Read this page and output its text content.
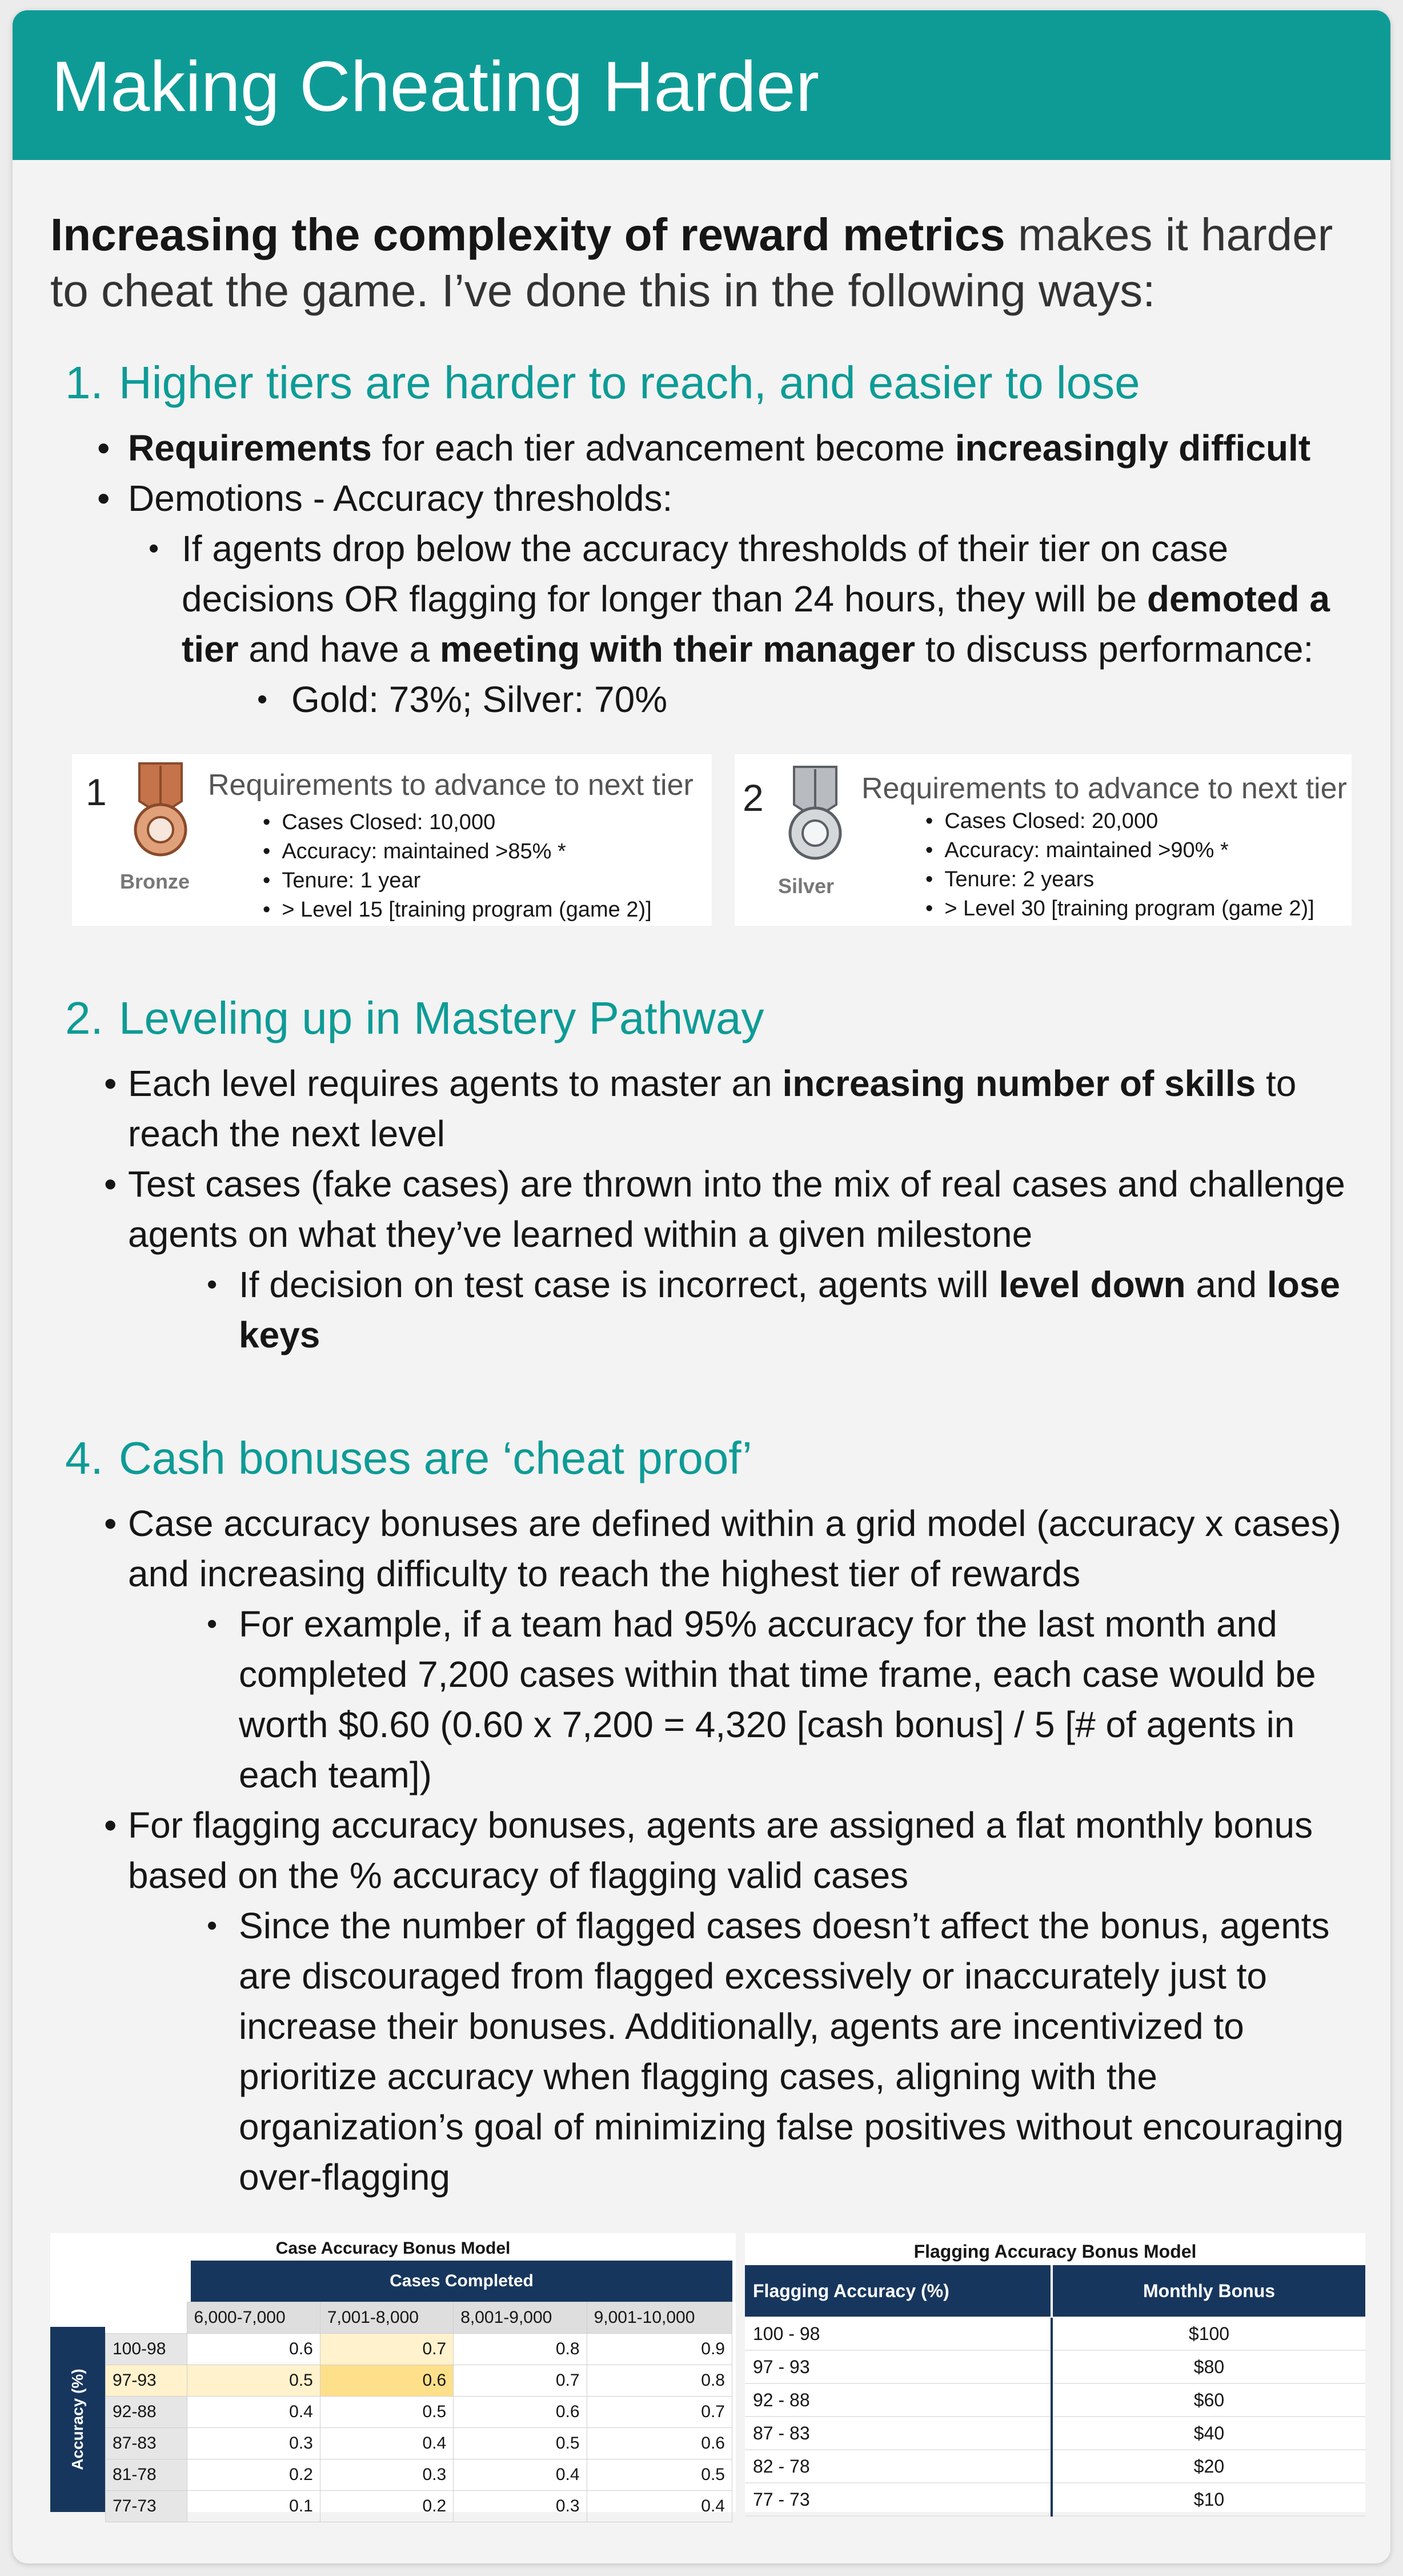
Making Cheating Harder
Increasing the complexity of reward metrics makes it harder to cheat the game. I’ve done this in the following ways:
1. Higher tiers are harder to reach, and easier to lose
• Requirements for each tier advancement become increasingly difficult
• Demotions - Accuracy thresholds:
• If agents drop below the accuracy thresholds of their tier on case
decisions OR flagging for longer than 24 hours, they will be demoted a
tier and have a meeting with their manager to discuss performance:
• Gold: 73%; Silver: 70%
1
Bronze
Requirements to advance to next tier
• Cases Closed: 10,000
• Accuracy: maintained >85% *
• Tenure: 1 year
• > Level 15 [training program (game 2)]
2
Silver
Requirements to advance to next tier
• Cases Closed: 20,000
• Accuracy: maintained >90% *
• Tenure: 2 years
• > Level 30 [training program (game 2)]
2. Leveling up in Mastery Pathway
• Each level requires agents to master an increasing number of skills to
reach the next level
• Test cases (fake cases) are thrown into the mix of real cases and challenge
agents on what they’ve learned within a given milestone
• If decision on test case is incorrect, agents will level down and lose
keys
4. Cash bonuses are ‘cheat proof’
• Case accuracy bonuses are defined within a grid model (accuracy x cases)
and increasing difficulty to reach the highest tier of rewards
• For example, if a team had 95% accuracy for the last month and
completed 7,200 cases within that time frame, each case would be
worth $0.60 (0.60 x 7,200 = 4,320 [cash bonus] / 5 [# of agents in
each team])
• For flagging accuracy bonuses, agents are assigned a flat monthly bonus
based on the % accuracy of flagging valid cases
• Since the number of flagged cases doesn’t affect the bonus, agents
are discouraged from flagged excessively or inaccurately just to
increase their bonuses. Additionally, agents are incentivized to
prioritize accuracy when flagging cases, aligning with the
organization’s goal of minimizing false positives without encouraging
over-flagging
Case Accuracy Bonus Model
Cases Completed
Accuracy (%)
	6,000-7,000	7,001-8,000	8,001-9,000	9,001-10,000
100-98	0.6	0.7	0.8	0.9
97-93	0.5	0.6	0.7	0.8
92-88	0.4	0.5	0.6	0.7
87-83	0.3	0.4	0.5	0.6
81-78	0.2	0.3	0.4	0.5
77-73	0.1	0.2	0.3	0.4
Flagging Accuracy Bonus Model
Flagging Accuracy (%)	Monthly Bonus
100 - 98	$100
97 - 93	$80
92 - 88	$60
87 - 83	$40
82 - 78	$20
77 - 73	$10
